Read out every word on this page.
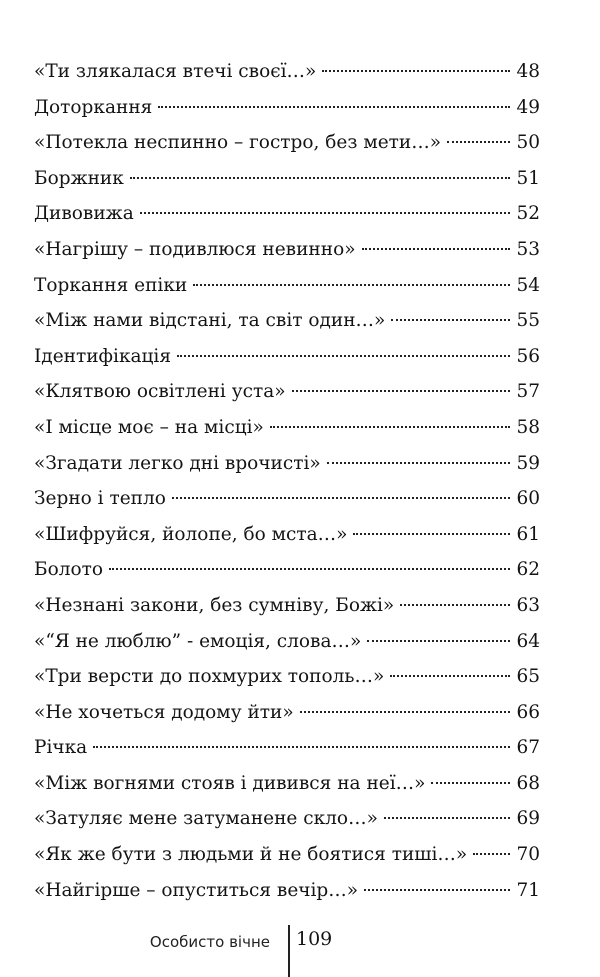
«Ти злякалася втечі своєї…»	48
Доторкання	49
«Потекла неспинно – гостро, без мети…»	50
Боржник	51
Дивовижа	52
«Нагрішу – подивлюся невинно»	53
Торкання епіки	54
«Між нами відстані, та світ один…»	55
Ідентифікація	56
«Клятвою освітлені уста»	57
«І місце моє – на місці»	58
«Згадати легко дні врочисті»	59
Зерно і тепло	60
«Шифруйся, йолопе, бо мста…»	61
Болото	62
«Незнані закони, без сумніву, Божі»	63
«“Я не люблю” - емоція, слова…»	64
«Три версти до похмурих тополь…»	65
«Не хочеться додому йти»	66
Річка	67
«Між вогнями стояв і дивився на неї…»	68
«Затуляє мене затуманене скло…»	69
«Як же бути з людьми й не боятися тиші…»	70
«Найгірше – опуститься вечір…»	71
Особисто вічне 109
